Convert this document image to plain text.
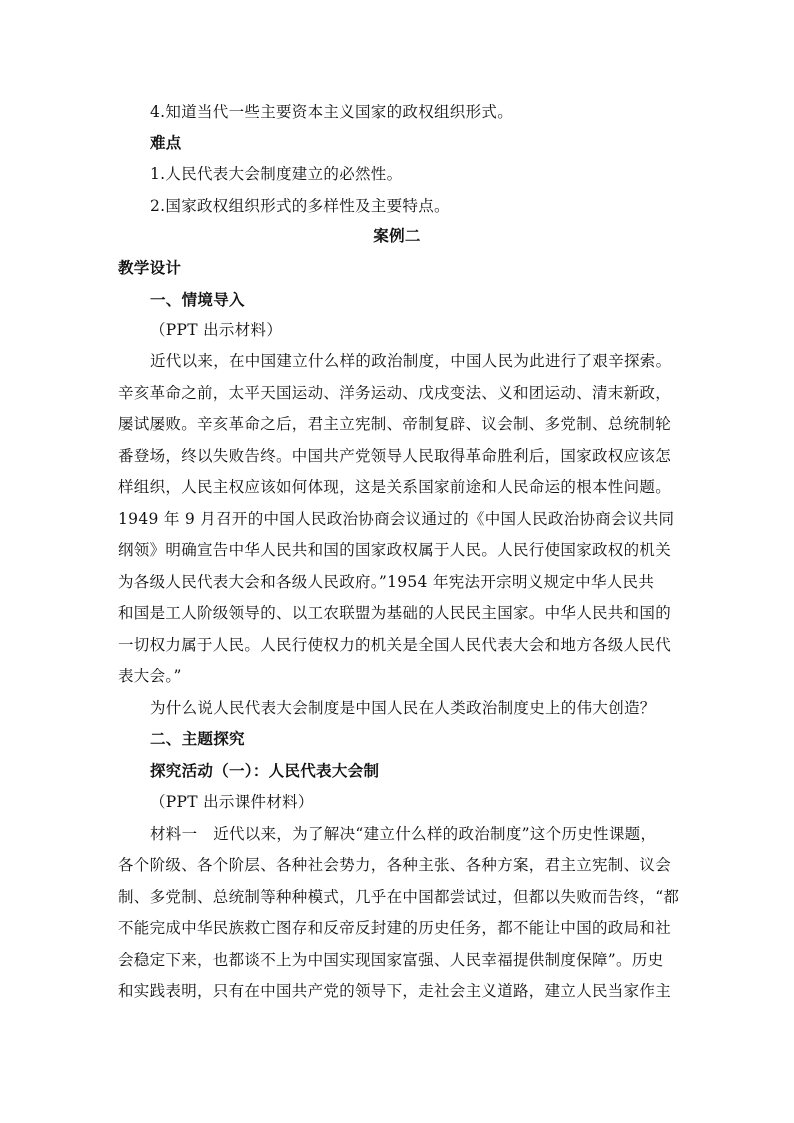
4.知道当代一些主要资本主义国家的政权组织形式。
难点
1.人民代表大会制度建立的必然性。
2.国家政权组织形式的多样性及主要特点。
案例二
教学设计
一、情境导入
（PPT 出示材料）
近代以来，在中国建立什么样的政治制度，中国人民为此进行了艰辛探索。
辛亥革命之前，太平天国运动、洋务运动、戊戌变法、义和团运动、清末新政，
屡试屡败。辛亥革命之后，君主立宪制、帝制复辟、议会制、多党制、总统制轮
番登场，终以失败告终。中国共产党领导人民取得革命胜利后，国家政权应该怎
样组织，人民主权应该如何体现，这是关系国家前途和人民命运的根本性问题。
1949 年 9 月召开的中国人民政治协商会议通过的《中国人民政治协商会议共同
纲领》明确宣告中华人民共和国的国家政权属于人民。人民行使国家政权的机关
为各级人民代表大会和各级人民政府。”1954 年宪法开宗明义规定中华人民共
和国是工人阶级领导的、以工农联盟为基础的人民民主国家。中华人民共和国的
一切权力属于人民。人民行使权力的机关是全国人民代表大会和地方各级人民代
表大会。”
为什么说人民代表大会制度是中国人民在人类政治制度史上的伟大创造？
二、主题探究
探究活动（一）：人民代表大会制
（PPT 出示课件材料）
材料一　近代以来，为了解决“建立什么样的政治制度”这个历史性课题，
各个阶级、各个阶层、各种社会势力，各种主张、各种方案，君主立宪制、议会
制、多党制、总统制等种种模式，几乎在中国都尝试过，但都以失败而告终，“都
不能完成中华民族救亡图存和反帝反封建的历史任务，都不能让中国的政局和社
会稳定下来，也都谈不上为中国实现国家富强、人民幸福提供制度保障”。历史
和实践表明，只有在中国共产党的领导下，走社会主义道路，建立人民当家作主
